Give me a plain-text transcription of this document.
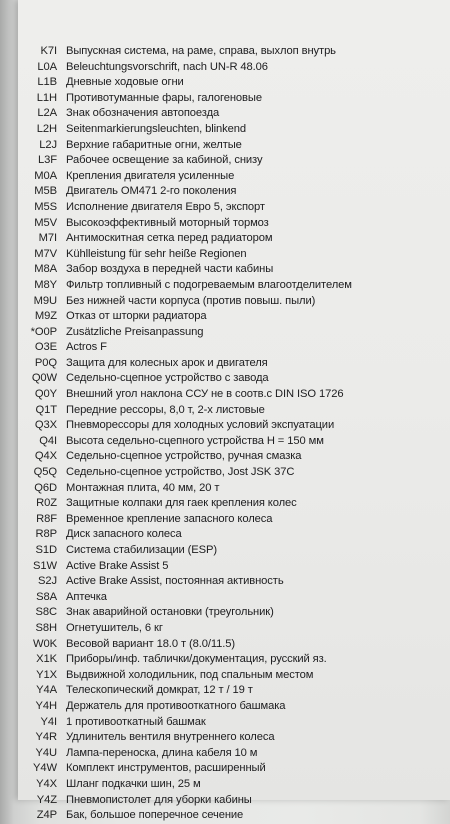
K7I Выпускная система, на раме, справа, выхлоп внутрь
L0A Beleuchtungsvorschrift, nach UN-R 48.06
L1B Дневные ходовые огни
L1H Противотуманные фары, галогеновые
L2A Знак обозначения автопоезда
L2H Seitenmarkierungsleuchten, blinkend
L2J Верхние габаритные огни, желтые
L3F Рабочее освещение за кабиной, снизу
M0A Крепления двигателя усиленные
M5B Двигатель OM471 2-го поколения
M5S Исполнение двигателя Евро 5, экспорт
M5V Высокоэффективный моторный тормоз
M7I Антимоскитная сетка перед радиатором
M7V Kühlleistung für sehr heiße Regionen
M8A Забор воздуха в передней части кабины
M8Y Фильтр топливный с подогреваемым влагоотделителем
M9U Без нижней части корпуса (против повыш. пыли)
M9Z Отказ от шторки радиатора
*O0P Zusätzliche Preisanpassung
O3E Actros F
P0Q Защита для колесных арок и двигателя
Q0W Седельно-сцепное устройство с завода
Q0Y Внешний угол наклона ССУ не в соотв.с DIN ISO 1726
Q1T Передние рессоры, 8,0 т, 2-х листовые
Q3X Пневморессоры для холодных условий экспуатации
Q4I Высота седельно-сцепного устройства H = 150 мм
Q4X Седельно-сцепное устройство, ручная смазка
Q5Q Седельно-сцепное устройство, Jost JSK 37C
Q6D Монтажная плита, 40 мм, 20 т
R0Z Защитные колпаки для гаек крепления колес
R8F Временное крепление запасного колеса
R8P Диск запасного колеса
S1D Система стабилизации (ESP)
S1W Active Brake Assist 5
S2J Active Brake Assist, постоянная активность
S8A Аптечка
S8C Знак аварийной остановки (треугольник)
S8H Огнетушитель, 6 кг
W0K Весовой вариант 18.0 т (8.0/11.5)
X1K Приборы/инф. таблички/документация, русский яз.
Y1X Выдвижной холодильник, под спальным местом
Y4A Телескопический домкрат, 12 т / 19 т
Y4H Держатель для противооткатного башмака
Y4I 1 противооткатный башмак
Y4R Удлинитель вентиля внутреннего колеса
Y4U Лампа-переноска, длина кабеля 10 м
Y4W Комплект инструментов, расширенный
Y4X Шланг подкачки шин, 25 м
Y4Z Пневмопистолет для уборки кабины
Z4P Бак, большое поперечное сечение
